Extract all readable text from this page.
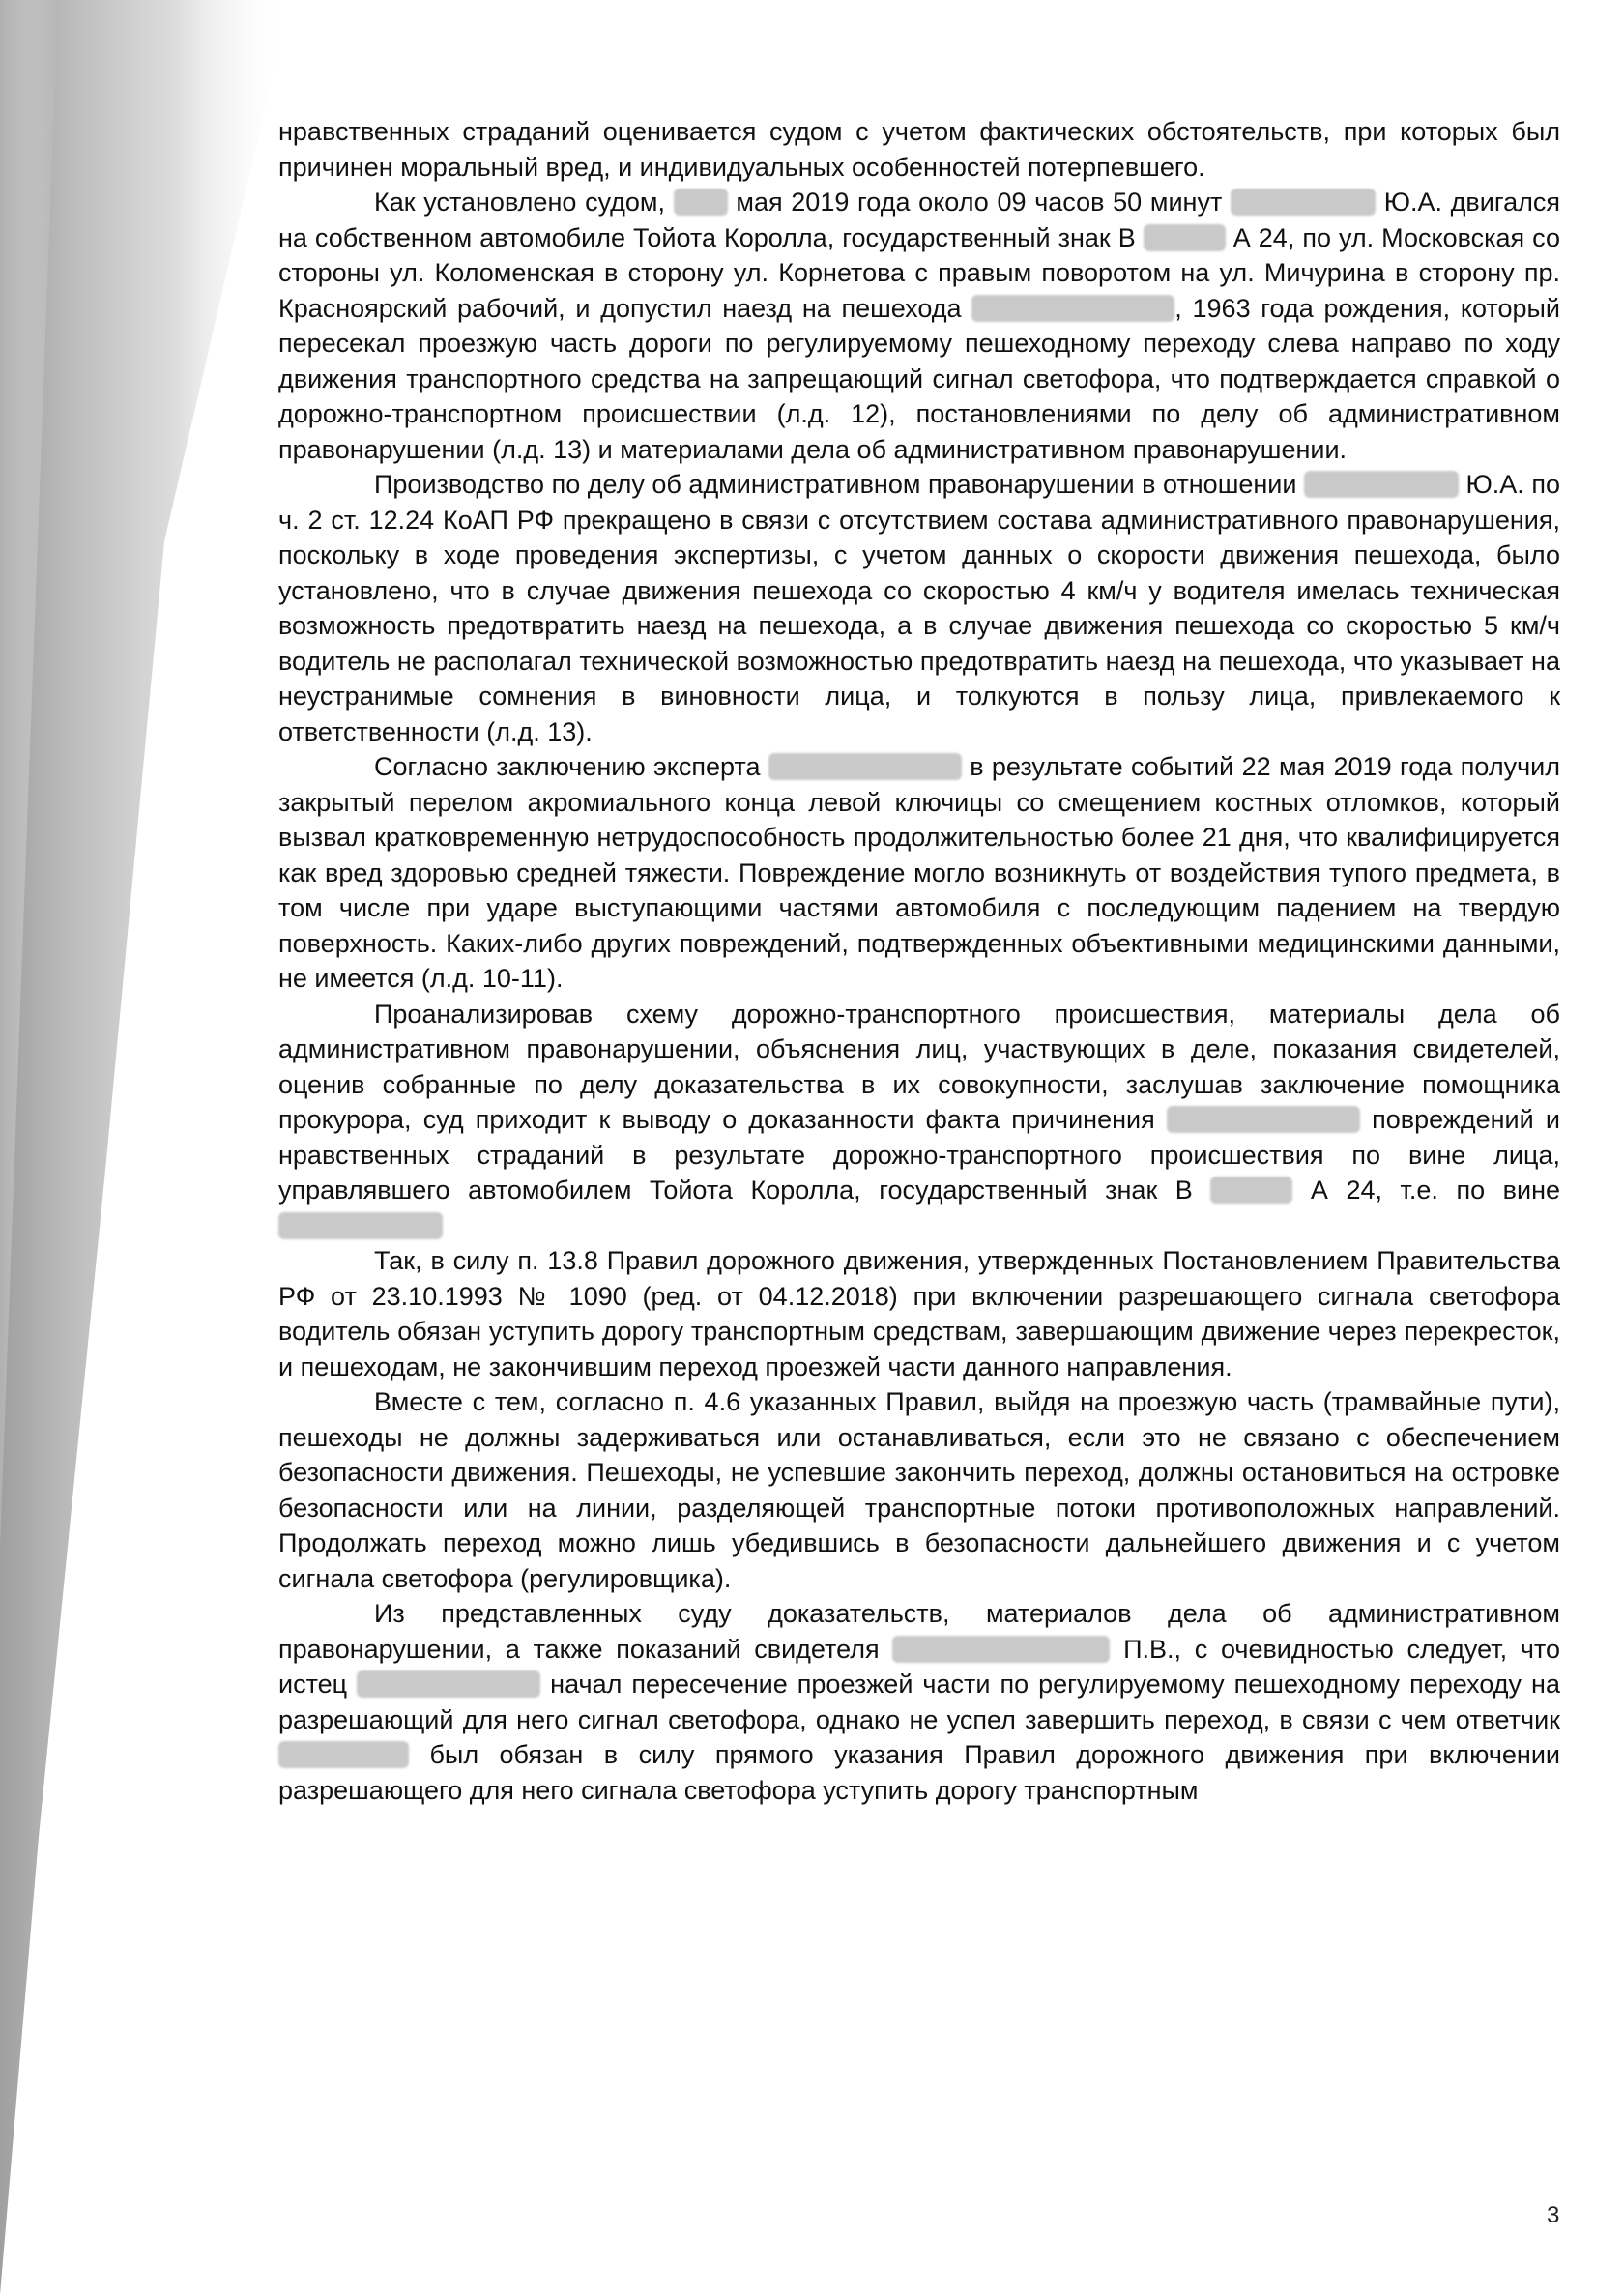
нравственных страданий оценивается судом с учетом фактических обстоятельств, при которых был причинен моральный вред, и индивидуальных особенностей потерпевшего.

Как установлено судом,  мая 2019 года около 09 часов 50 минут	Ю.А. двигался на собственном автомобиле Тойота Королла, государственный знак В	А 24, по ул. Московская со стороны ул. Коломенская в сторону ул. Корнетова с правым поворотом на ул. Мичурина в сторону пр. Красноярский рабочий, и допустил наезд на пешехода	, 1963 года рождения, который пересекал проезжую часть дороги по регулируемому пешеходному переходу слева направо по ходу движения транспортного средства на запрещающий сигнал светофора, что подтверждается справкой о дорожно-транспортном происшествии (л.д. 12), постановлениями по делу об административном правонарушении (л.д. 13) и материалами дела об административном правонарушении.

Производство по делу об административном правонарушении в отношении	Ю.А. по ч. 2 ст. 12.24 КоАП РФ прекращено в связи с отсутствием состава административного правонарушения, поскольку в ходе проведения экспертизы, с учетом данных о скорости движения пешехода, было установлено, что в случае движения пешехода со скоростью 4 км/ч у водителя имелась техническая возможность предотвратить наезд на пешехода, а в случае движения пешехода со скоростью 5 км/ч водитель не располагал технической возможностью предотвратить наезд на пешехода, что указывает на неустранимые сомнения в виновности лица, и толкуются в пользу лица, привлекаемого к ответственности (л.д. 13).

Согласно заключению эксперта	в результате событий 22 мая 2019 года получил закрытый перелом акромиального конца левой ключицы со смещением костных отломков, который вызвал кратковременную нетрудоспособность продолжительностью более 21 дня, что квалифицируется как вред здоровью средней тяжести. Повреждение могло возникнуть от воздействия тупого предмета, в том числе при ударе выступающими частями автомобиля с последующим падением на твердую поверхность. Каких-либо других повреждений, подтвержденных объективными медицинскими данными, не имеется (л.д. 10-11).

Проанализировав схему дорожно-транспортного происшествия, материалы дела об административном правонарушении, объяснения лиц, участвующих в деле, показания свидетелей, оценив собранные по делу доказательства в их совокупности, заслушав заключение помощника прокурора, суд приходит к выводу о доказанности факта причинения	повреждений и нравственных страданий в результате дорожно-транспортного происшествия по вине лица, управлявшего автомобилем Тойота Королла, государственный знак В	А 24, т.е. по вине

Так, в силу п. 13.8 Правил дорожного движения, утвержденных Постановлением Правительства РФ от 23.10.1993 № 1090 (ред. от 04.12.2018) при включении разрешающего сигнала светофора водитель обязан уступить дорогу транспортным средствам, завершающим движение через перекресток, и пешеходам, не закончившим переход проезжей части данного направления.

Вместе с тем, согласно п. 4.6 указанных Правил, выйдя на проезжую часть (трамвайные пути), пешеходы не должны задерживаться или останавливаться, если это не связано с обеспечением безопасности движения. Пешеходы, не успевшие закончить переход, должны остановиться на островке безопасности или на линии, разделяющей транспортные потоки противоположных направлений. Продолжать переход можно лишь убедившись в безопасности дальнейшего движения и с учетом сигнала светофора (регулировщика).

Из представленных суду доказательств, материалов дела об административном правонарушении, а также показаний свидетеля	П.В., с очевидностью следует, что истец	начал пересечение проезжей части по регулируемому пешеходному переходу на разрешающий для него сигнал светофора, однако не успел завершить переход, в связи с чем ответчик  был обязан в силу прямого указания Правил дорожного движения при включении разрешающего для него сигнала светофора уступить дорогу транспортным

3
